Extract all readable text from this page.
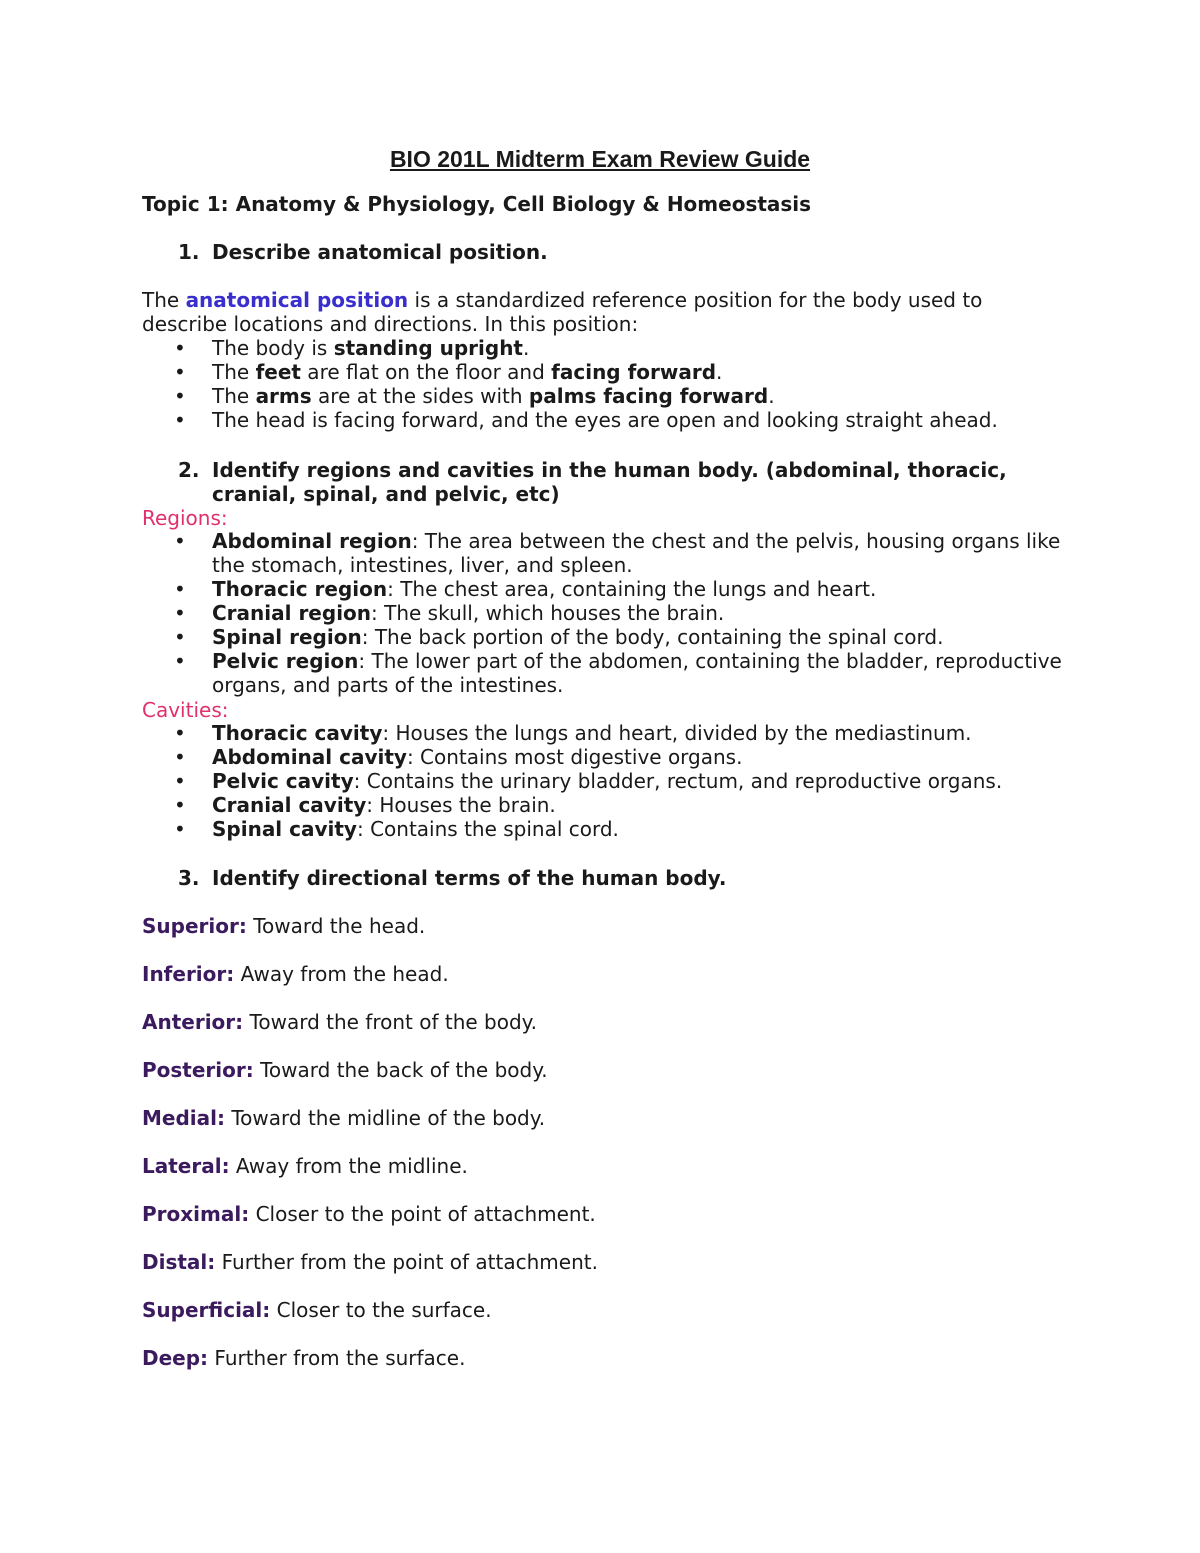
BIO 201L Midterm Exam Review Guide
Topic 1: Anatomy & Physiology, Cell Biology & Homeostasis
1. Describe anatomical position.
The anatomical position is a standardized reference position for the body used to describe locations and directions. In this position:
•	The body is standing upright.
•	The feet are flat on the floor and facing forward.
•	The arms are at the sides with palms facing forward.
•	The head is facing forward, and the eyes are open and looking straight ahead.
2. Identify regions and cavities in the human body. (abdominal, thoracic, cranial, spinal, and pelvic, etc)
Regions:
•	Abdominal region: The area between the chest and the pelvis, housing organs like the stomach, intestines, liver, and spleen.
•	Thoracic region: The chest area, containing the lungs and heart.
•	Cranial region: The skull, which houses the brain.
•	Spinal region: The back portion of the body, containing the spinal cord.
•	Pelvic region: The lower part of the abdomen, containing the bladder, reproductive organs, and parts of the intestines.
Cavities:
•	Thoracic cavity: Houses the lungs and heart, divided by the mediastinum.
•	Abdominal cavity: Contains most digestive organs.
•	Pelvic cavity: Contains the urinary bladder, rectum, and reproductive organs.
•	Cranial cavity: Houses the brain.
•	Spinal cavity: Contains the spinal cord.
3. Identify directional terms of the human body.
Superior: Toward the head.
Inferior: Away from the head.
Anterior: Toward the front of the body.
Posterior: Toward the back of the body.
Medial: Toward the midline of the body.
Lateral: Away from the midline.
Proximal: Closer to the point of attachment.
Distal: Further from the point of attachment.
Superficial: Closer to the surface.
Deep: Further from the surface.
